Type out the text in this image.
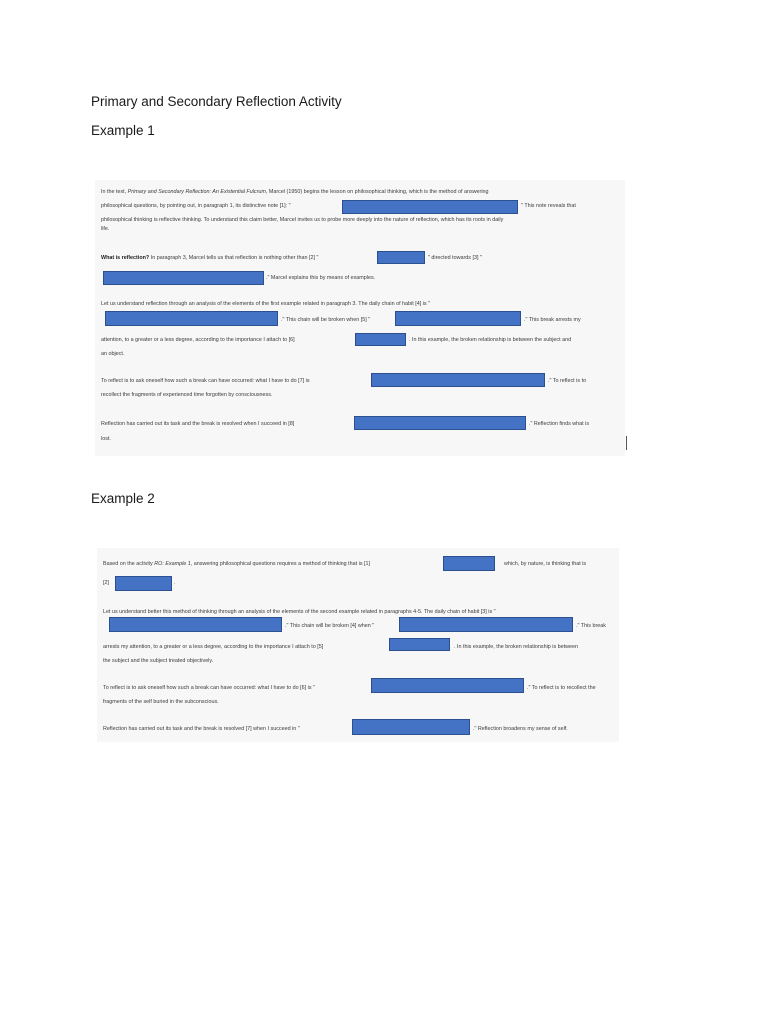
Primary and Secondary Reflection Activity
Example 1
In the text, Primary and Secondary Reflection: An Existential Fulcrum, Marcel (1950) begins the lesson on philosophical thinking, which is the method of answering
philosophical questions, by pointing out, in paragraph 1, its distinctive note [1]: "	" This note reveals that
philosophical thinking is reflective thinking. To understand this claim better, Marcel invites us to probe more deeply into the nature of reflection, which has its roots in daily
life.
What is reflection? In paragraph 3, Marcel tells us that reflection is nothing other than [2] "	" directed towards [3] "
." Marcel explains this by means of examples.
Let us understand reflection through an analysis of the elements of the first example related in paragraph 3. The daily chain of habit [4] is "
." This chain will be broken when [5] "	." This break arrests my
attention, to a greater or a less degree, according to the importance I attach to [6]	. In this example, the broken relationship is between the subject and
an object.
To reflect is to ask oneself how such a break can have occurred: what I have to do [7] is	." To reflect is to
recollect the fragments of experienced time forgotten by consciousness.
Reflection has carried out its task and the break is resolved when I succeed in [8]	." Reflection finds what is
lost.
Example 2
Based on the activity RO: Example 1, answering philosophical questions requires a method of thinking that is [1]	which, by nature, is thinking that is
[2]	.
Let us understand better this method of thinking through an analysis of the elements of the second example related in paragraphs 4-5. The daily chain of habit [3] is "
." This chain will be broken [4] when "	." This break
arrests my attention, to a greater or a less degree, according to the importance I attach to [5]	. In this example, the broken relationship is between
the subject and the subject treated objectively.
To reflect is to ask oneself how such a break can have occurred: what I have to do [6] is "	." To reflect is to recollect the
fragments of the self buried in the subconscious.
Reflection has carried out its task and the break is resolved [7] when I succeed in "	." Reflection broadens my sense of self.
